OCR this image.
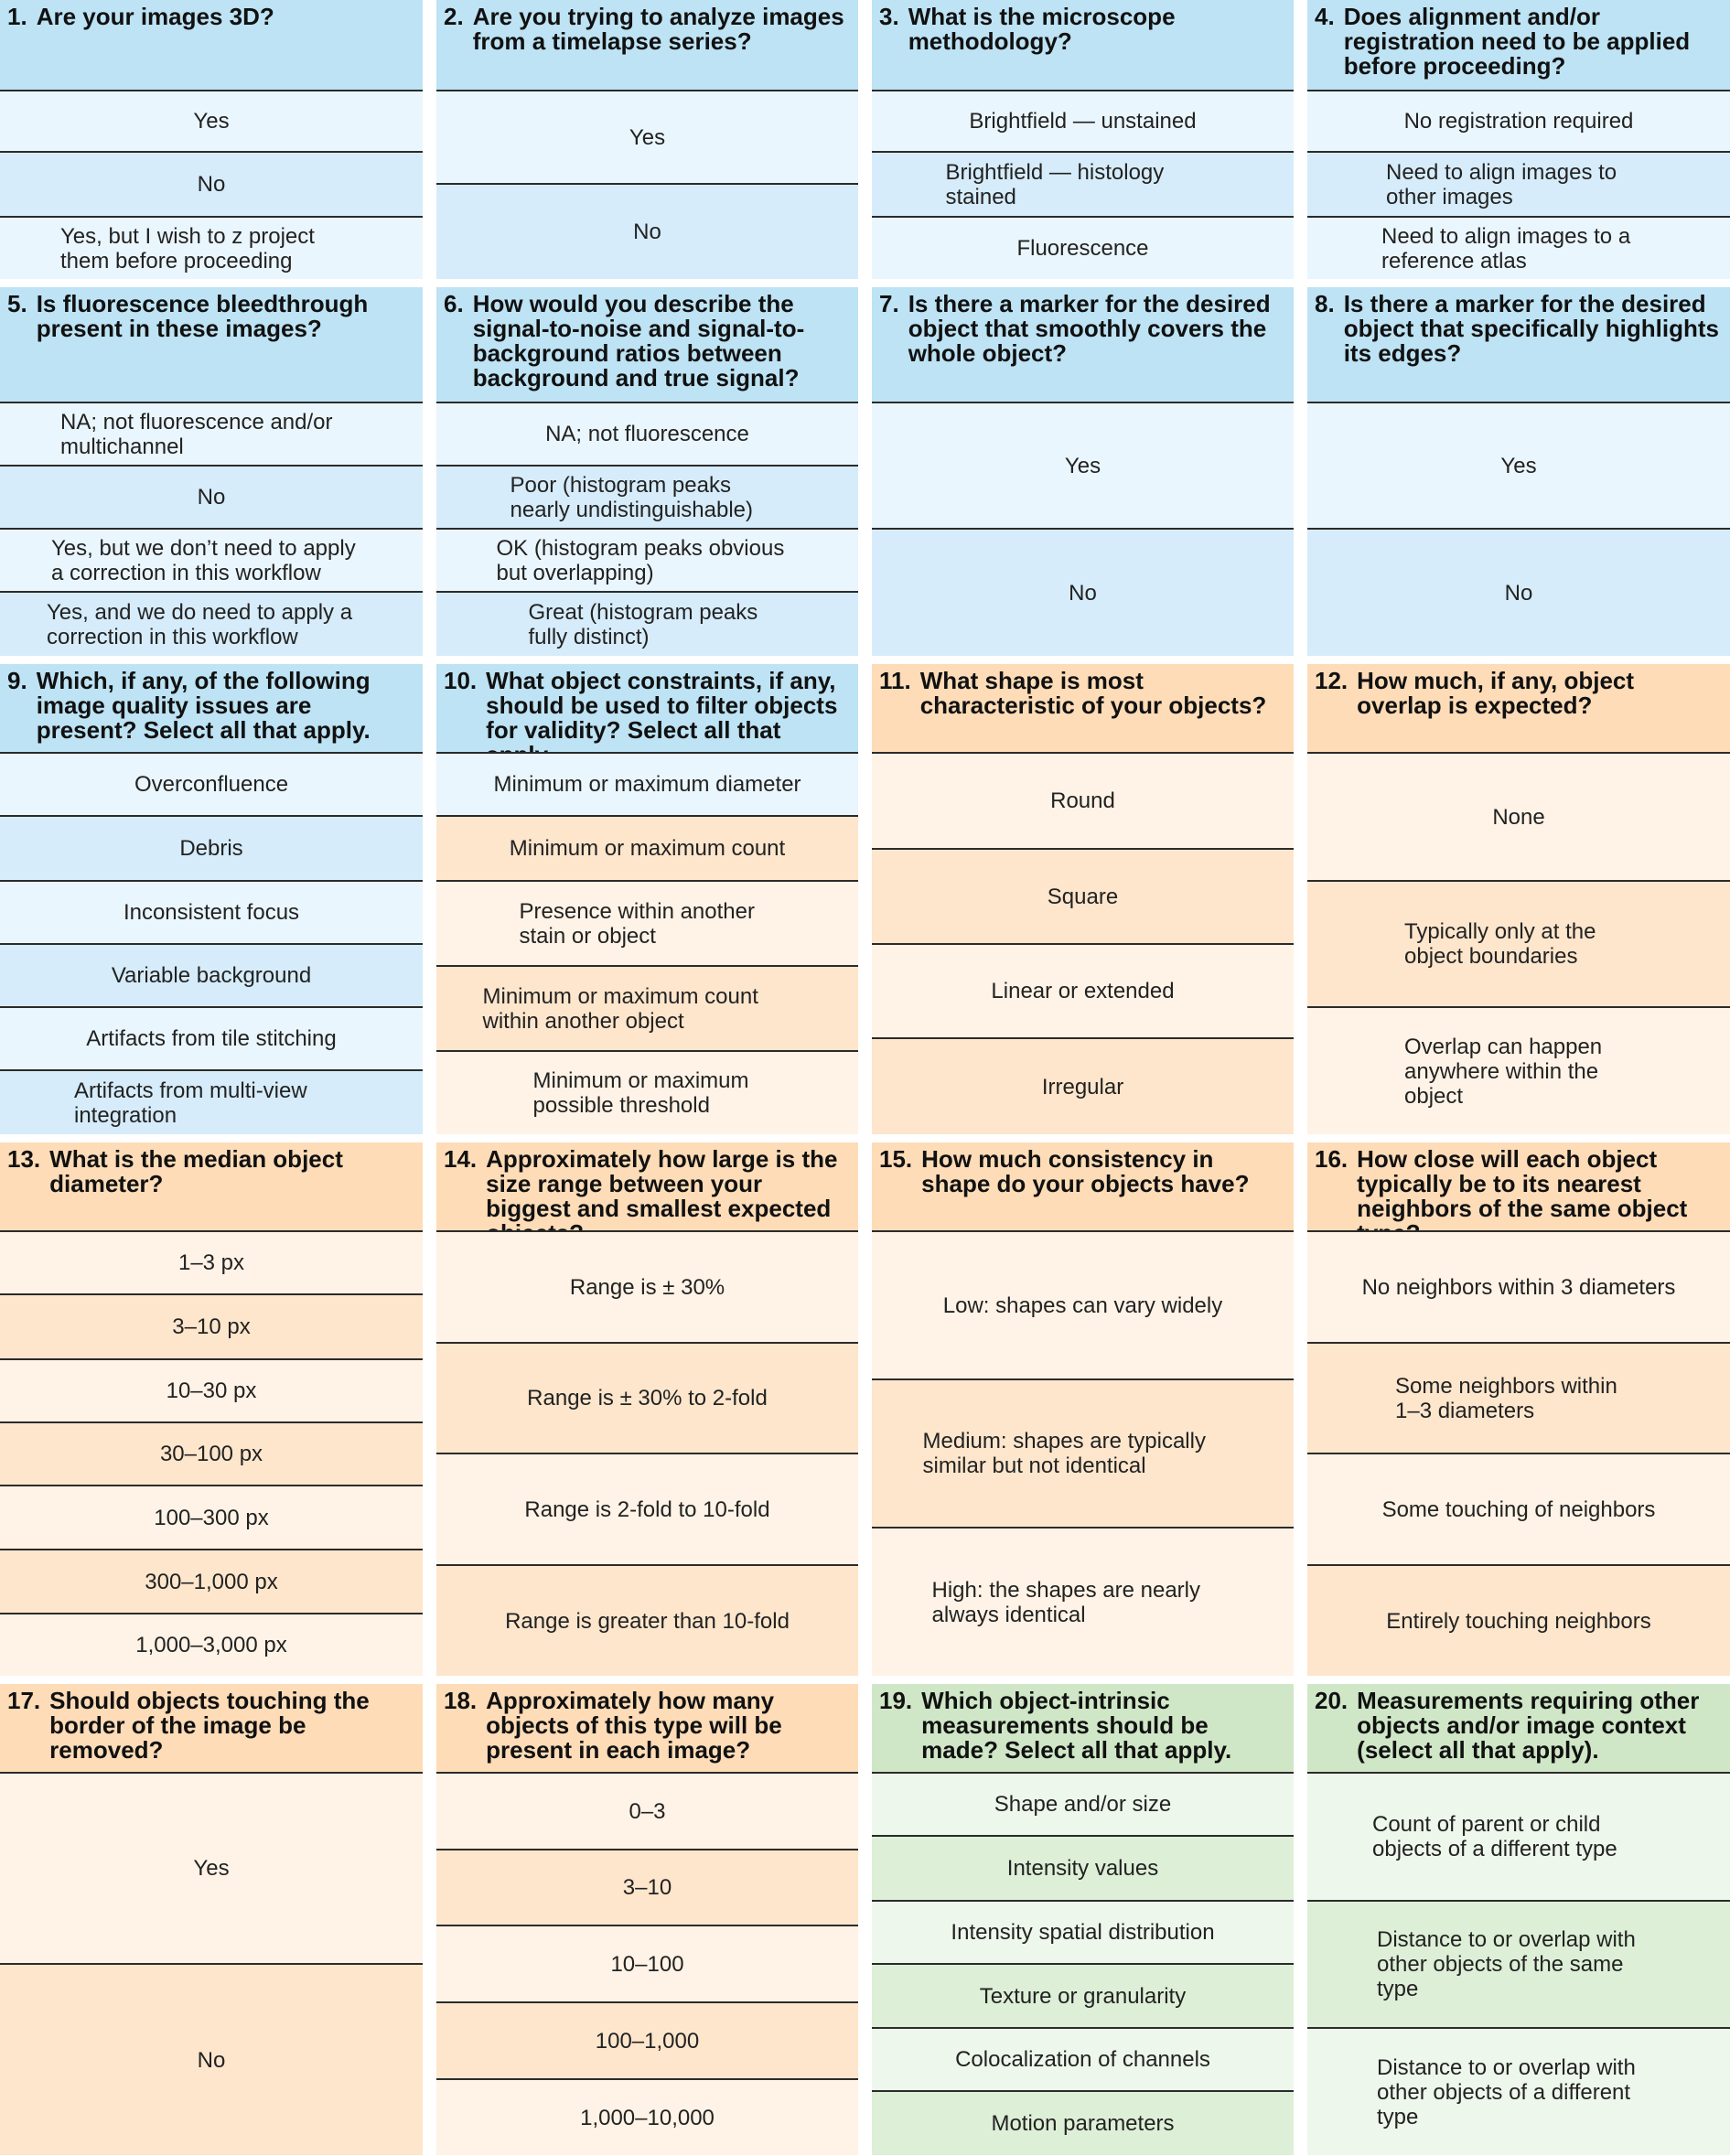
1. Are your images 3D?
Yes
No
Yes, but I wish to z project them before proceeding
2. Are you trying to analyze images from a timelapse series?
Yes
No
3. What is the microscope methodology?
Brightfield — unstained
Brightfield — histology stained
Fluorescence
4. Does alignment and/or registration need to be applied before proceeding?
No registration required
Need to align images to other images
Need to align images to a reference atlas
5. Is fluorescence bleedthrough present in these images?
NA; not fluorescence and/or multichannel
No
Yes, but we don’t need to apply a correction in this workflow
Yes, and we do need to apply a correction in this workflow
6. How would you describe the signal-to-noise and signal-to-background ratios between background and true signal?
NA; not fluorescence
Poor (histogram peaks nearly undistinguishable)
OK (histogram peaks obvious but overlapping)
Great (histogram peaks fully distinct)
7. Is there a marker for the desired object that smoothly covers the whole object?
Yes
No
8. Is there a marker for the desired object that specifically highlights its edges?
Yes
No
9. Which, if any, of the following image quality issues are present? Select all that apply.
Overconfluence
Debris
Inconsistent focus
Variable background
Artifacts from tile stitching
Artifacts from multi-view integration
10. What object constraints, if any, should be used to filter objects for validity? Select all that
Minimum or maximum diameter
Minimum or maximum count
Presence within another stain or object
Minimum or maximum count within another object
Minimum or maximum possible threshold
11. What shape is most characteristic of your objects?
Round
Square
Linear or extended
Irregular
12. How much, if any, object overlap is expected?
None
Typically only at the object boundaries
Overlap can happen anywhere within the object
13. What is the median object diameter?
1–3 px
3–10 px
10–30 px
30–100 px
100–300 px
300–1,000 px
1,000–3,000 px
14. Approximately how large is the size range between your biggest and smallest expected
Range is ± 30%
Range is ± 30% to 2-fold
Range is 2-fold to 10-fold
Range is greater than 10-fold
15. How much consistency in shape do your objects have?
Low: shapes can vary widely
Medium: shapes are typically similar but not identical
High: the shapes are nearly always identical
16. How close will each object typically be to its nearest neighbors of the same object
No neighbors within 3 diameters
Some neighbors within 1–3 diameters
Some touching of neighbors
Entirely touching neighbors
17. Should objects touching the border of the image be removed?
Yes
No
18. Approximately how many objects of this type will be present in each image?
0–3
3–10
10–100
100–1,000
1,000–10,000
19. Which object-intrinsic measurements should be made? Select all that apply.
Shape and/or size
Intensity values
Intensity spatial distribution
Texture or granularity
Colocalization of channels
Motion parameters
20. Measurements requiring other objects and/or image context (select all that apply).
Count of parent or child objects of a different type
Distance to or overlap with other objects of the same type
Distance to or overlap with other objects of a different type
